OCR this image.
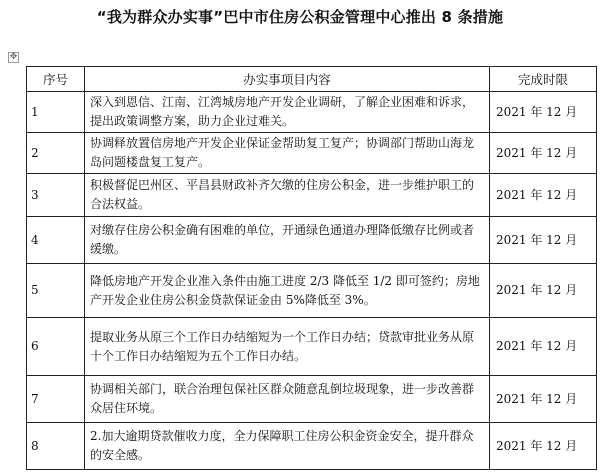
“我为群众办实事”巴中市住房公积金管理中心推出 8 条措施
✥
序号	办实事项目内容	完成时限
1	深入到恩信、江南、江湾城房地产开发企业调研，了解企业困难和诉求，提出政策调整方案，助力企业过难关。	2021 年 12 月
2	协调释放置信房地产开发企业保证金帮助复工复产；协调部门帮助山海龙岛问题楼盘复工复产。	2021 年 12 月
3	积极督促巴州区、平昌县财政补齐欠缴的住房公积金，进一步维护职工的合法权益。	2021 年 12 月
4	对缴存住房公积金确有困难的单位，开通绿色通道办理降低缴存比例或者缓缴。	2021 年 12 月
5	降低房地产开发企业准入条件由施工进度 2/3 降低至 1/2 即可签约；房地产开发企业住房公积金贷款保证金由 5%降低至 3%。	2021 年 12 月
6	提取业务从原三个工作日办结缩短为一个工作日办结；贷款审批业务从原十个工作日办结缩短为五个工作日办结。	2021 年 12 月
7	协调相关部门，联合治理包保社区群众随意乱倒垃圾现象，进一步改善群众居住环境。	2021 年 12 月
8	2.加大逾期贷款催收力度，全力保障职工住房公积金资金安全，提升群众的安全感。	2021 年 12 月
